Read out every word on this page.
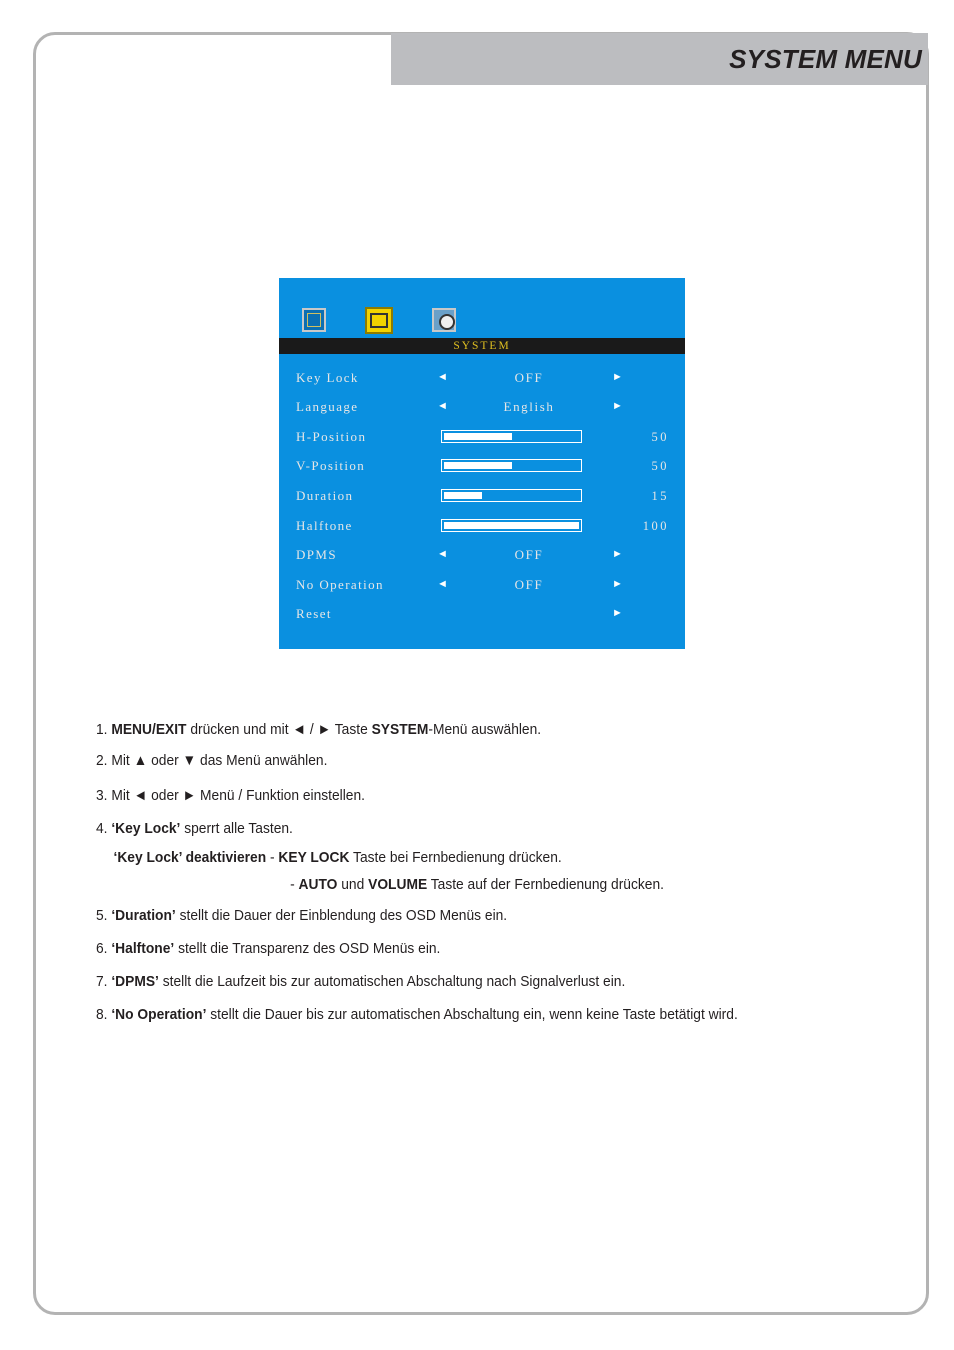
SYSTEM MENU
SYSTEM
Key Lock	◄	OFF	►
Language	◄	English	►
H-Position	50
V-Position	50
Duration	15
Halftone	100
DPMS	◄	OFF	►
No Operation	◄	OFF	►
Reset	►
1. MENU/EXIT drücken und mit ◄ / ► Taste SYSTEM-Menü auswählen.
2. Mit ▲ oder ▼ das Menü anwählen.
3. Mit ◄ oder ► Menü / Funktion einstellen.
4. ‘Key Lock’ sperrt alle Tasten.
‘Key Lock’ deaktivieren - KEY LOCK Taste bei Fernbedienung drücken.
- AUTO und VOLUME Taste auf der Fernbedienung drücken.
5. ‘Duration’ stellt die Dauer der Einblendung des OSD Menüs ein.
6. ‘Halftone’ stellt die Transparenz des OSD Menüs ein.
7. ‘DPMS’ stellt die Laufzeit bis zur automatischen Abschaltung nach Signalverlust ein.
8. ‘No Operation’ stellt die Dauer bis zur automatischen Abschaltung ein, wenn keine Taste betätigt wird.
